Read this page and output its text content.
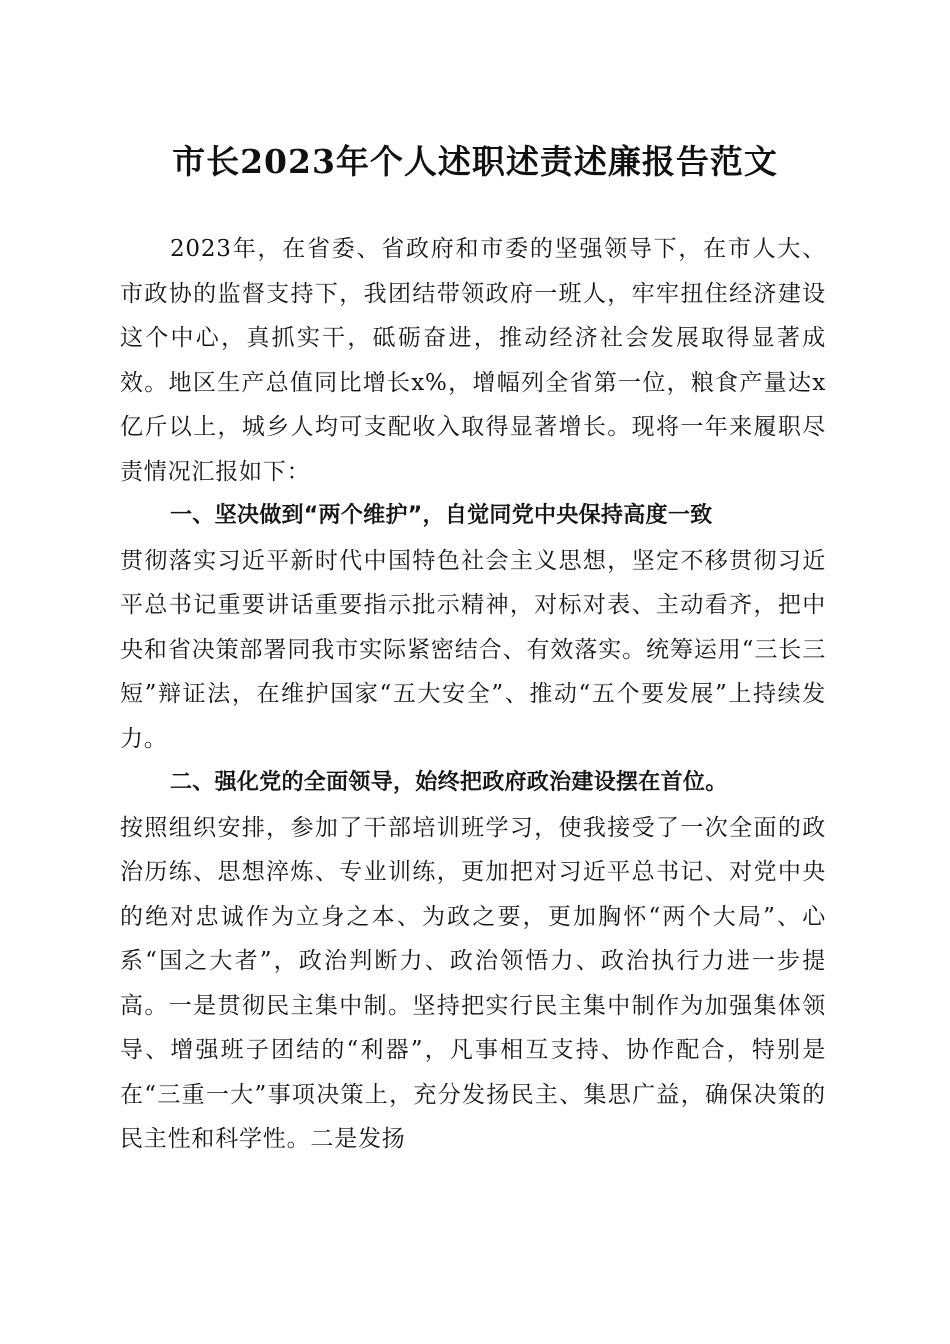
市长2023年个人述职述责述廉报告范文

2023年，在省委、省政府和市委的坚强领导下，在市人大、市政协的监督支持下，我团结带领政府一班人，牢牢扭住经济建设这个中心，真抓实干，砥砺奋进，推动经济社会发展取得显著成效。地区生产总值同比增长x%，增幅列全省第一位，粮食产量达x亿斤以上，城乡人均可支配收入取得显著增长。现将一年来履职尽责情况汇报如下：

一、坚决做到“两个维护”，自觉同党中央保持高度一致

贯彻落实习近平新时代中国特色社会主义思想，坚定不移贯彻习近平总书记重要讲话重要指示批示精神，对标对表、主动看齐，把中央和省决策部署同我市实际紧密结合、有效落实。统筹运用“三长三短”辩证法，在维护国家“五大安全”、推动“五个要发展”上持续发力。

二、强化党的全面领导，始终把政府政治建设摆在首位。

按照组织安排，参加了干部培训班学习，使我接受了一次全面的政治历练、思想淬炼、专业训练，更加把对习近平总书记、对党中央的绝对忠诚作为立身之本、为政之要，更加胸怀“两个大局”、心系“国之大者”，政治判断力、政治领悟力、政治执行力进一步提高。一是贯彻民主集中制。坚持把实行民主集中制作为加强集体领导、增强班子团结的“利器”，凡事相互支持、协作配合，特别是在“三重一大”事项决策上，充分发扬民主、集思广益，确保决策的民主性和科学性。二是发扬
